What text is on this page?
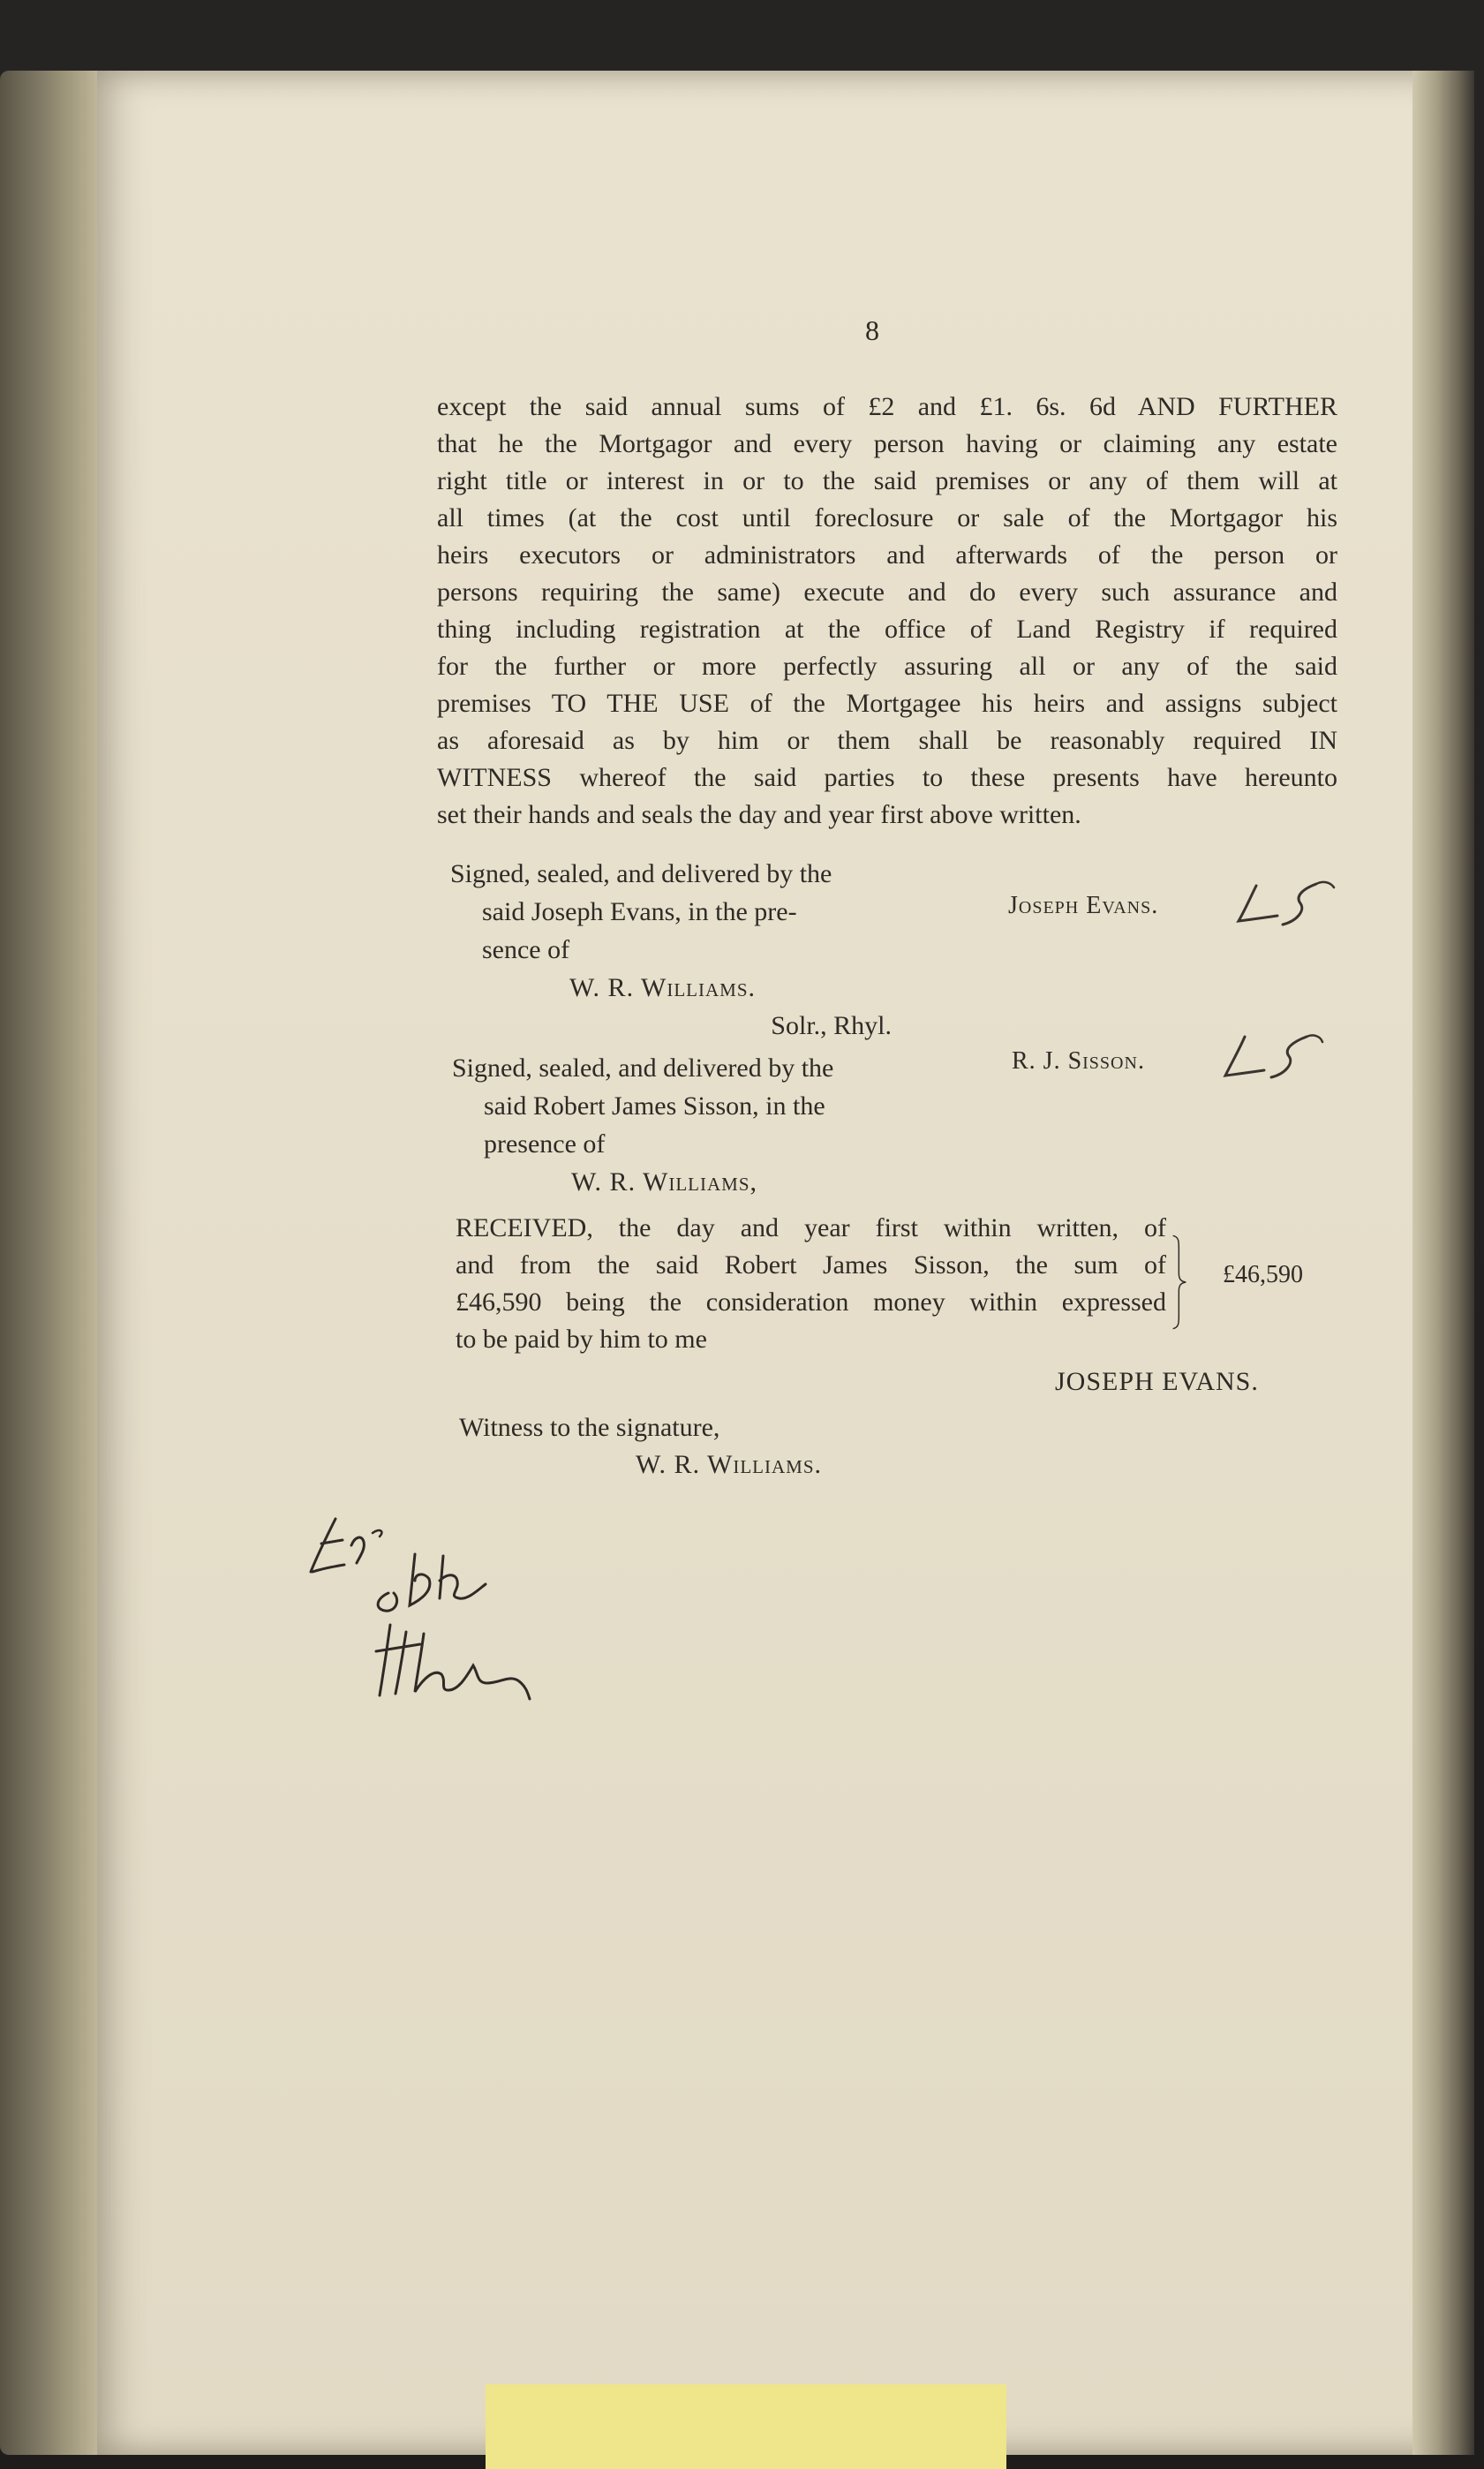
8
except the said annual sums of £2 and £1. 6s. 6d AND FURTHER
that he the Mortgagor and every person having or claiming any estate
right title or interest in or to the said premises or any of them will at
all times (at the cost until foreclosure or sale of the Mortgagor his
heirs executors or administrators and afterwards of the person or
persons requiring the same) execute and do every such assurance and
thing including registration at the office of Land Registry if required
for the further or more perfectly assuring all or any of the said
premises TO THE USE of the Mortgagee his heirs and assigns subject
as aforesaid as by him or them shall be reasonably required IN
WITNESS whereof the said parties to these presents have hereunto
set their hands and seals the day and year first above written.
Signed, sealed, and delivered by the
said Joseph Evans, in the pre-
sence of
W. R. Williams.
Solr., Rhyl.
Joseph Evans.
Signed, sealed, and delivered by the
said Robert James Sisson, in the
presence of
W. R. Williams,
R. J. Sisson.
RECEIVED, the day and year first within written, of
and from the said Robert James Sisson, the sum of
£46,590 being the consideration money within expressed
to be paid by him to me
£46,590
JOSEPH EVANS.
Witness to the signature,
W. R. Williams.
